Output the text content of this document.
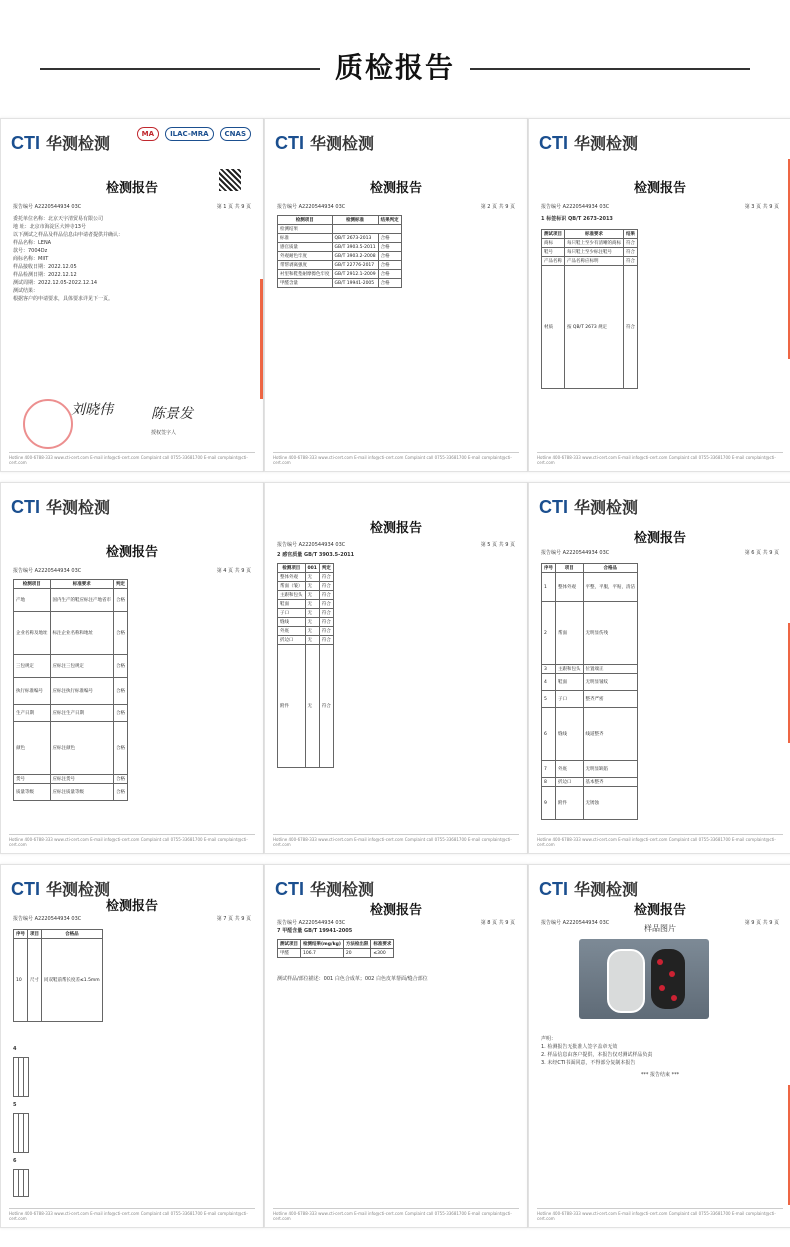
质检报告
CTI 华测检测
MA	ILAC-MRA	CNAS
检测报告
报告编号 A2220544934 03C	第 1 页 共 9 页
委托单位名称：北京天宇清贸易有限公司
地 址：北京市海淀区大钟寺13号
以下测试之样品及样品信息由申请者提供并确认：
样品名称：LENA
款号：7004Dz
商标名称：MIIT
样品接收日期：2022.12.05
样品检测日期：2022.12.12
测试周期：2022.12.05-2022.12.14
测试结果：
根据客户的申请要求，具体要求详见下一页。
刘晓伟	陈景发
授权签字人
Hotline 400-6788-333 www.cti-cert.com E-mail info@cti-cert.com Complaint call 0755-33681700 E-mail complaint@cti-cert.com
CTI 华测检测
检测报告
报告编号 A2220544934 03C	第 2 页 共 9 页
检测项目	检测标准	结果判定
检测结果		
标准	QB/T 2673-2013	合格
感官质量	GB/T 3903.5-2011	合格
外观耐色牢度	GB/T 3903.2-2008	合格
带帮剥离强度	GB/T 22776-2017	合格
衬里和鞋垫耐摩擦色牢度	GB/T 2912.1-2009	合格
甲醛含量	GB/T 19941-2005	合格
Hotline 400-6788-333 www.cti-cert.com E-mail info@cti-cert.com Complaint call 0755-33681700 E-mail complaint@cti-cert.com
CTI 华测检测
检测报告
报告编号 A2220544934 03C	第 3 页 共 9 页
1 标签标识 QB/T 2673-2013
测试项目	标准要求	结果
商标	每只鞋上至少有清晰的商标	符合
鞋号	每只鞋上至少标注鞋号	符合
产品名称	产品名称应标明	符合
材质	按 QB/T 2673 规定	符合
Hotline 400-6788-333 www.cti-cert.com E-mail info@cti-cert.com Complaint call 0755-33681700 E-mail complaint@cti-cert.com
CTI 华测检测
检测报告
报告编号 A2220544934 03C	第 4 页 共 9 页
检测项目	标准要求	判定
产地	国内生产的鞋应标注产地省市	合格
企业名称及地址	标注企业名称和地址	合格
三包规定	应标注三包规定	合格
执行标准编号	应标注执行标准编号	合格
生产日期	应标注生产日期	合格
颜色	应标注颜色	合格
货号	应标注货号	合格
质量等级	应标注质量等级	合格
Hotline 400-6788-333 www.cti-cert.com E-mail info@cti-cert.com Complaint call 0755-33681700 E-mail complaint@cti-cert.com
检测报告
报告编号 A2220544934 03C	第 5 页 共 9 页
2 感官质量 GB/T 3903.5-2011
检测项目	001	判定
整体外观	无	符合
帮面（皱）	无	符合
主跟和包头	无	符合
鞋面	无	符合
子口	无	符合
缝线	无	符合
外底	无	符合
折边口	无	符合
附件	无	符合
Hotline 400-6788-333 www.cti-cert.com E-mail info@cti-cert.com Complaint call 0755-33681700 E-mail complaint@cti-cert.com
CTI 华测检测
检测报告
报告编号 A2220544934 03C	第 6 页 共 9 页
序号	项目	合格品
1	整体外观	平整，平服，平贴，清洁
2	帮面	无明显伤残
3	主跟和包头	位置端正
4	鞋面	无明显皱纹
5	子口	整齐严密
6	缝线	线道整齐
7	外底	无明显缺陷
8	折边口	基本整齐
9	附件	无锈蚀
Hotline 400-6788-333 www.cti-cert.com E-mail info@cti-cert.com Complaint call 0755-33681700 E-mail complaint@cti-cert.com
CTI 华测检测
检测报告
报告编号 A2220544934 03C	第 7 页 共 9 页
序号	项目	合格品
10	尺寸	同双鞋前帮长度差≤1.5mm
4

5

6

Hotline 400-6788-333 www.cti-cert.com E-mail info@cti-cert.com Complaint call 0755-33681700 E-mail complaint@cti-cert.com
CTI 华测检测
检测报告
报告编号 A2220544934 03C	第 8 页 共 9 页
7 甲醛含量 GB/T 19941-2005
测试项目	检测结果(mg/kg)	方法检出限	标准要求
甲醛	106.7	20	≤300
测试样品/部位描述：001 白色合成革；002 白色皮革帮面/缝合部位
Hotline 400-6788-333 www.cti-cert.com E-mail info@cti-cert.com Complaint call 0755-33681700 E-mail complaint@cti-cert.com
CTI 华测检测
检测报告
报告编号 A2220544934 03C	第 9 页 共 9 页
样品图片
声明：
1. 检测报告无批准人签字盖章无效
2. 样品信息由客户提供，本报告仅对测试样品负责
3. 未经CTI书面同意，不得部分复制本报告
*** 报告结束 ***
Hotline 400-6788-333 www.cti-cert.com E-mail info@cti-cert.com Complaint call 0755-33681700 E-mail complaint@cti-cert.com
